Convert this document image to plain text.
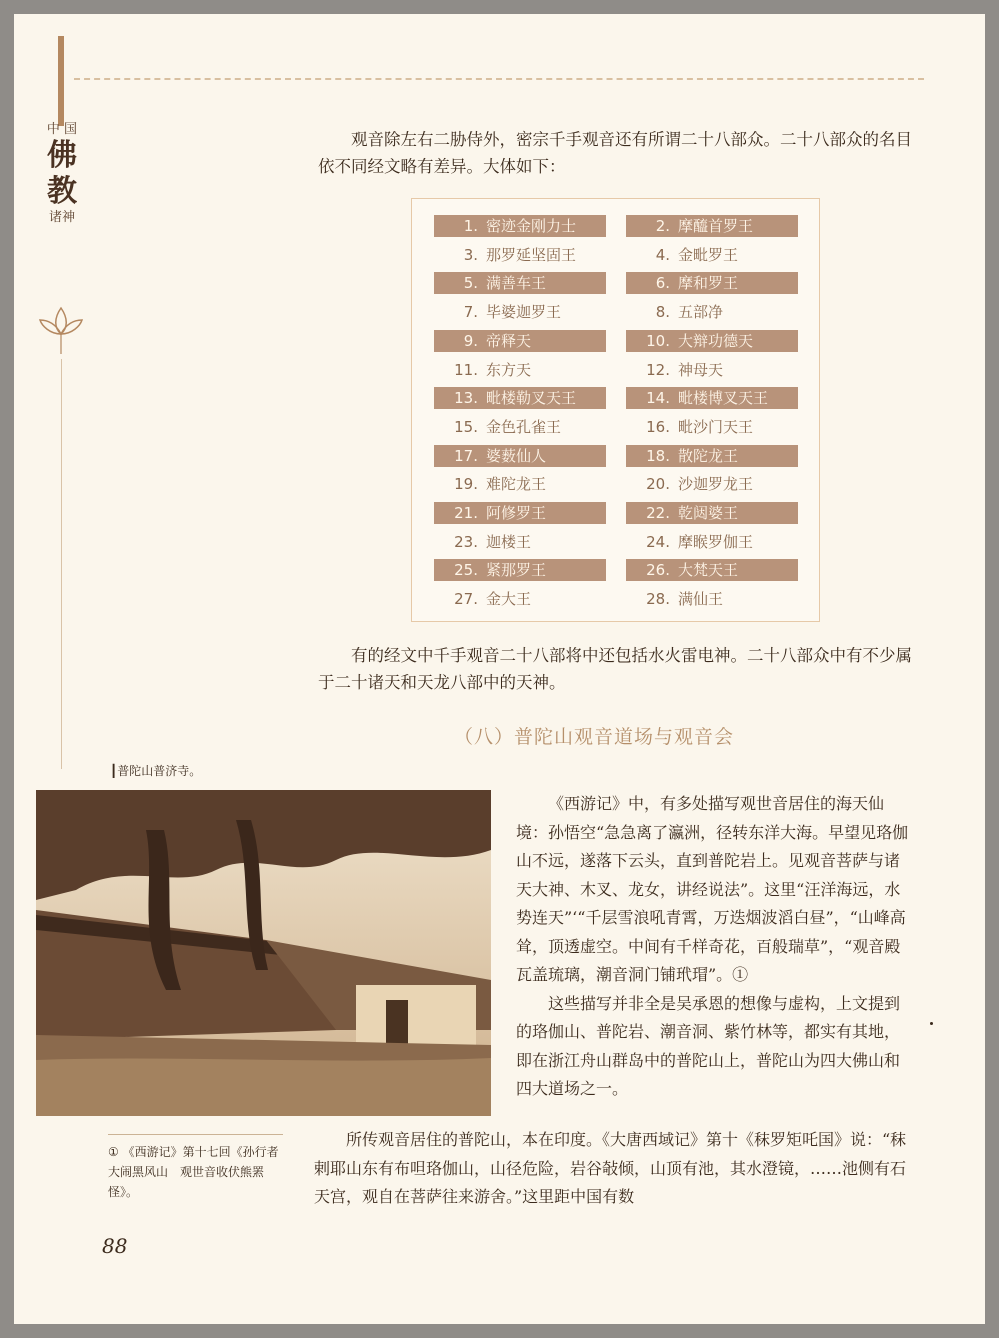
中 国
佛
教
诸神
观音除左右二胁侍外，密宗千手观音还有所谓二十八部众。二十八部众的名目依不同经文略有差异。大体如下：
1. 密迹金刚力士	2. 摩醯首罗王
3. 那罗延坚固王	4. 金毗罗王
5. 满善车王	6. 摩和罗王
7. 毕婆迦罗王	8. 五部净
9. 帝释天	10. 大辩功德天
11. 东方天	12. 神母天
13. 毗楼勒叉天王	14. 毗楼博叉天王
15. 金色孔雀王	16. 毗沙门天王
17. 婆薮仙人	18. 散陀龙王
19. 难陀龙王	20. 沙迦罗龙王
21. 阿修罗王	22. 乾闼婆王
23. 迦楼王	24. 摩睺罗伽王
25. 紧那罗王	26. 大梵天王
27. 金大王	28. 满仙王
有的经文中千手观音二十八部将中还包括水火雷电神。二十八部众中有不少属于二十诸天和天龙八部中的天神。
（八）普陀山观音道场与观音会
┃普陀山普济寺。

《西游记》中，有多处描写观世音居住的海天仙境：孙悟空“急急离了瀛洲，径转东洋大海。早望见珞伽山不远，遂落下云头，直到普陀岩上。见观音菩萨与诸天大神、木叉、龙女，讲经说法”。这里“汪洋海远，水势连天”‘“千层雪浪吼青霄，万迭烟波滔白昼”，“山峰高耸，顶透虚空。中间有千样奇花，百般瑞草”，“观音殿瓦盖琉璃，潮音洞门铺玳瑁”。①

这些描写并非全是吴承恩的想像与虚构，上文提到的珞伽山、普陀岩、潮音洞、紫竹林等，都实有其地，即在浙江舟山群岛中的普陀山上，普陀山为四大佛山和四大道场之一。

① 《西游记》第十七回《孙行者大闹黑风山　观世音收伏熊罴怪》。
所传观音居住的普陀山，本在印度。《大唐西域记》第十《秣罗矩吒国》说：“秣剌耶山东有布呾珞伽山，山径危险，岩谷敧倾，山顶有池，其水澄镜，……池侧有石天宫，观自在菩萨往来游舍。”这里距中国有数
88
